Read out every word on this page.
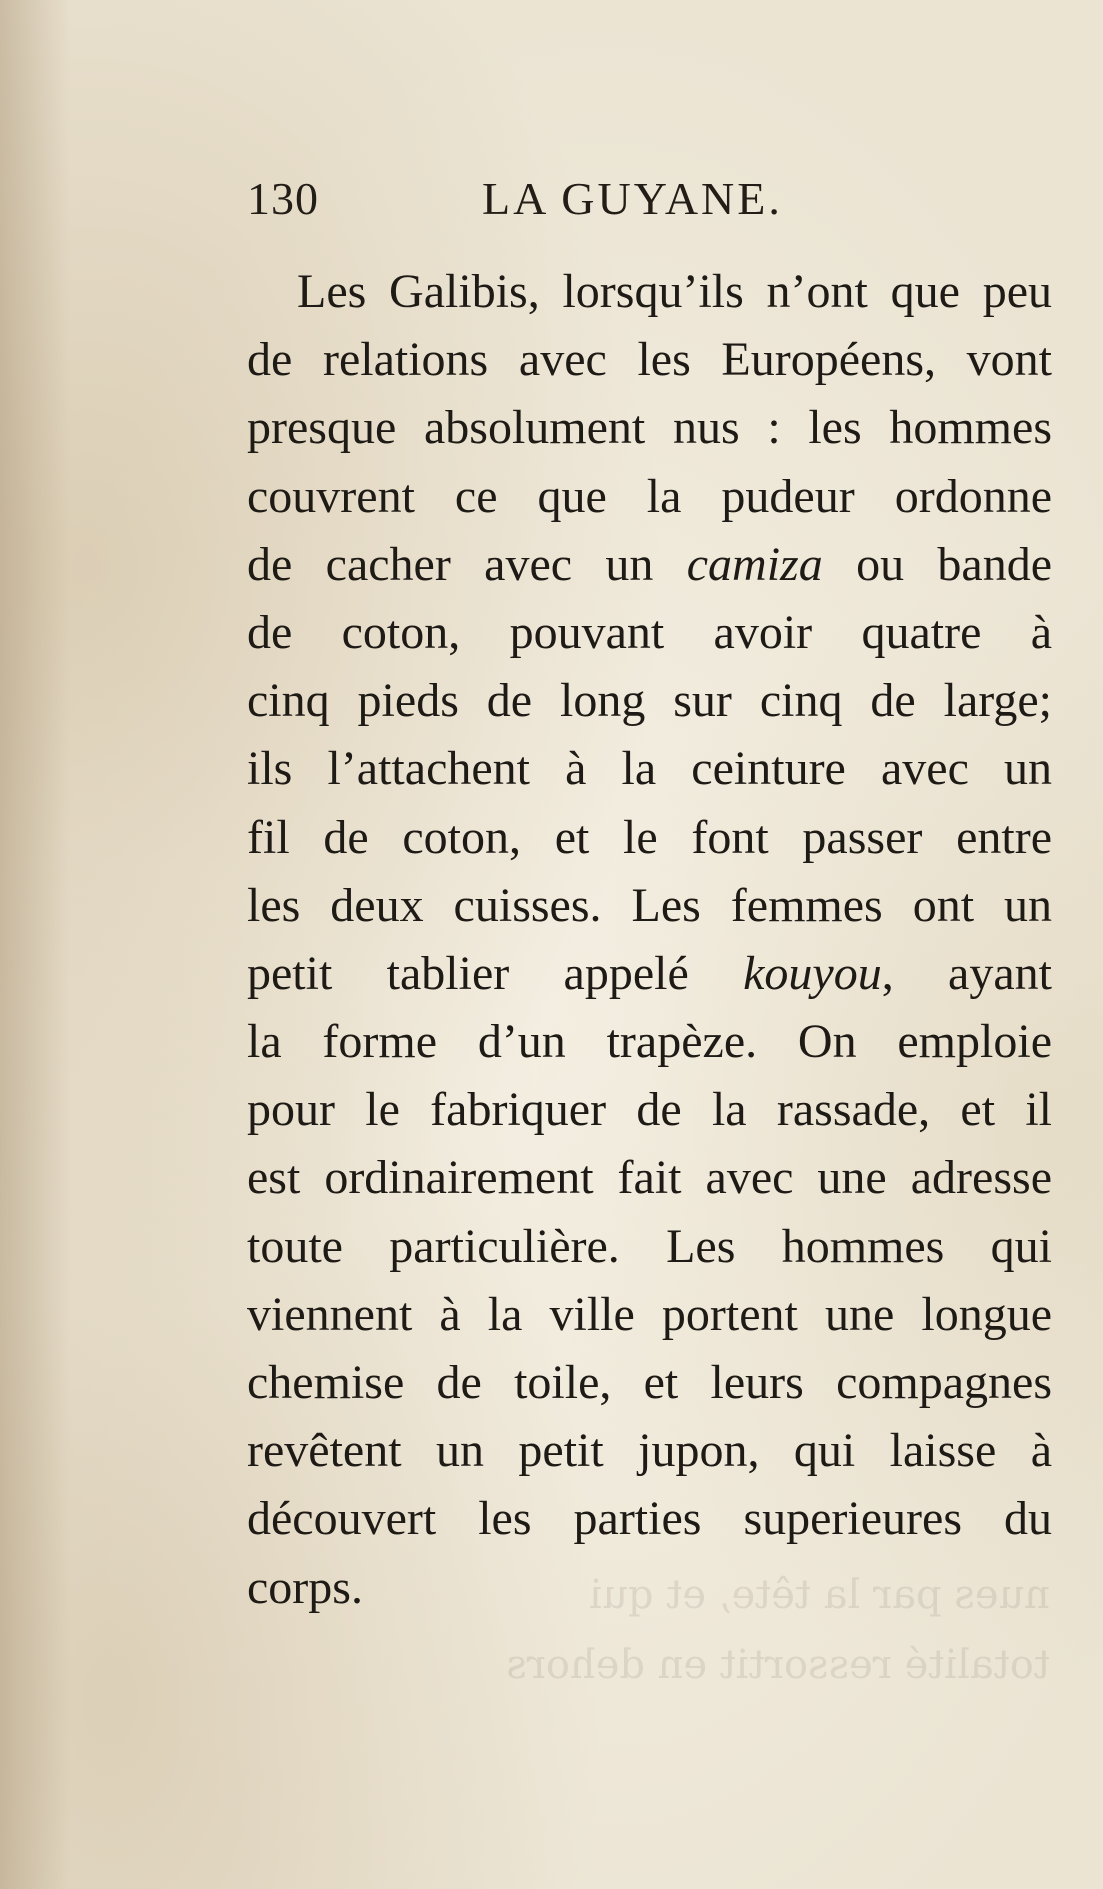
nues par la tête, et qui
totalité ressortit en dehors
130	LA GUYANE.
Les Galibis, lorsqu’ils n’ont que peu
de relations avec les Européens, vont
presque absolument nus : les hommes
couvrent ce que la pudeur ordonne
de cacher avec un camiza ou bande
de coton, pouvant avoir quatre à
cinq pieds de long sur cinq de large;
ils l’attachent à la ceinture avec un
fil de coton, et le font passer entre
les deux cuisses. Les femmes ont un
petit tablier appelé kouyou, ayant
la forme d’un trapèze. On emploie
pour le fabriquer de la rassade, et il
est ordinairement fait avec une adresse
toute particulière. Les hommes qui
viennent à la ville portent une longue
chemise de toile, et leurs compagnes
revêtent un petit jupon, qui laisse à
découvert les parties superieures du
corps.
